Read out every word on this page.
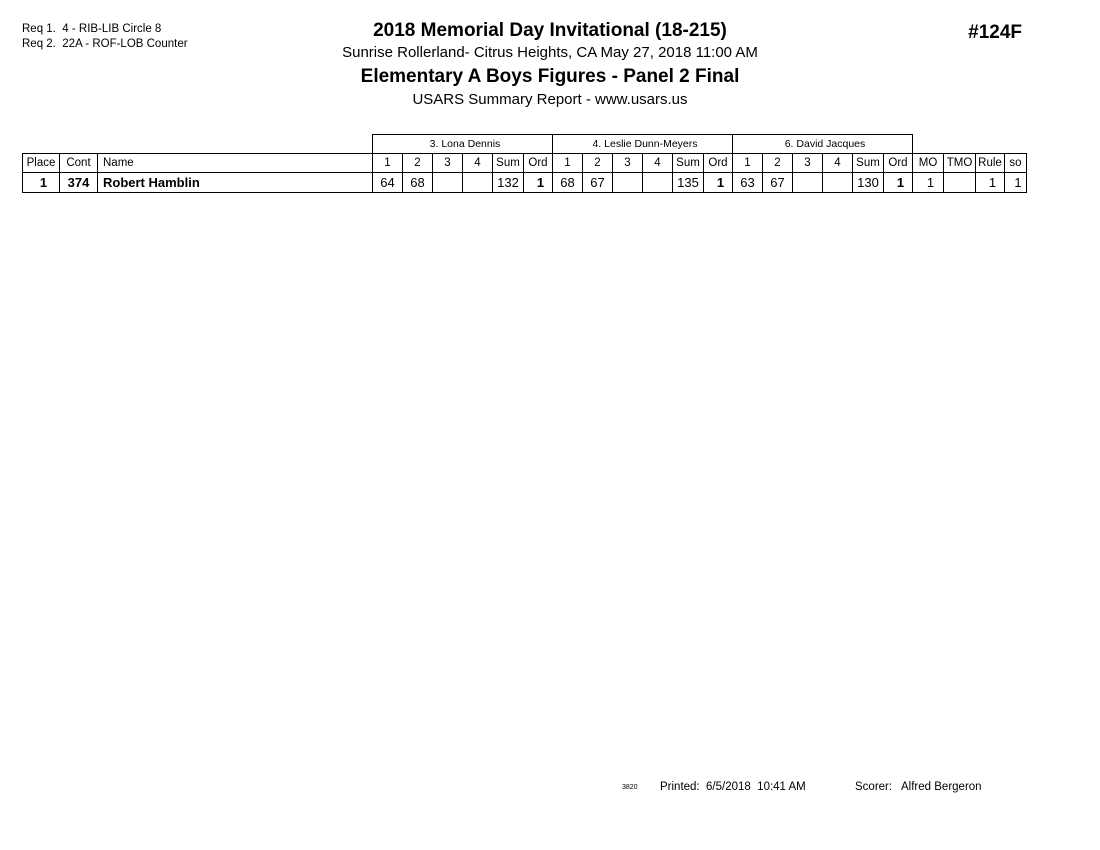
Req 1.  4 - RIB-LIB Circle 8
Req 2.  22A - ROF-LOB Counter
2018 Memorial Day Invitational (18-215)
Sunrise Rollerland- Citrus Heights, CA May 27, 2018 11:00 AM
Elementary A Boys Figures - Panel 2 Final
USARS Summary Report - www.usars.us
#124F
			3. Lona Dennis						4. Leslie Dunn-Meyers						6. David Jacques									
Place	Cont	Name	1	2	3	4	Sum	Ord	1	2	3	4	Sum	Ord	1	2	3	4	Sum	Ord	MO	TMO	Rule	so
1	374	Robert Hamblin	64	68			132	1	68	67			135	1	63	67			130	1	1		1	1
3820 Printed:  6/5/2018  10:41 AM	Scorer:   Alfred Bergeron
